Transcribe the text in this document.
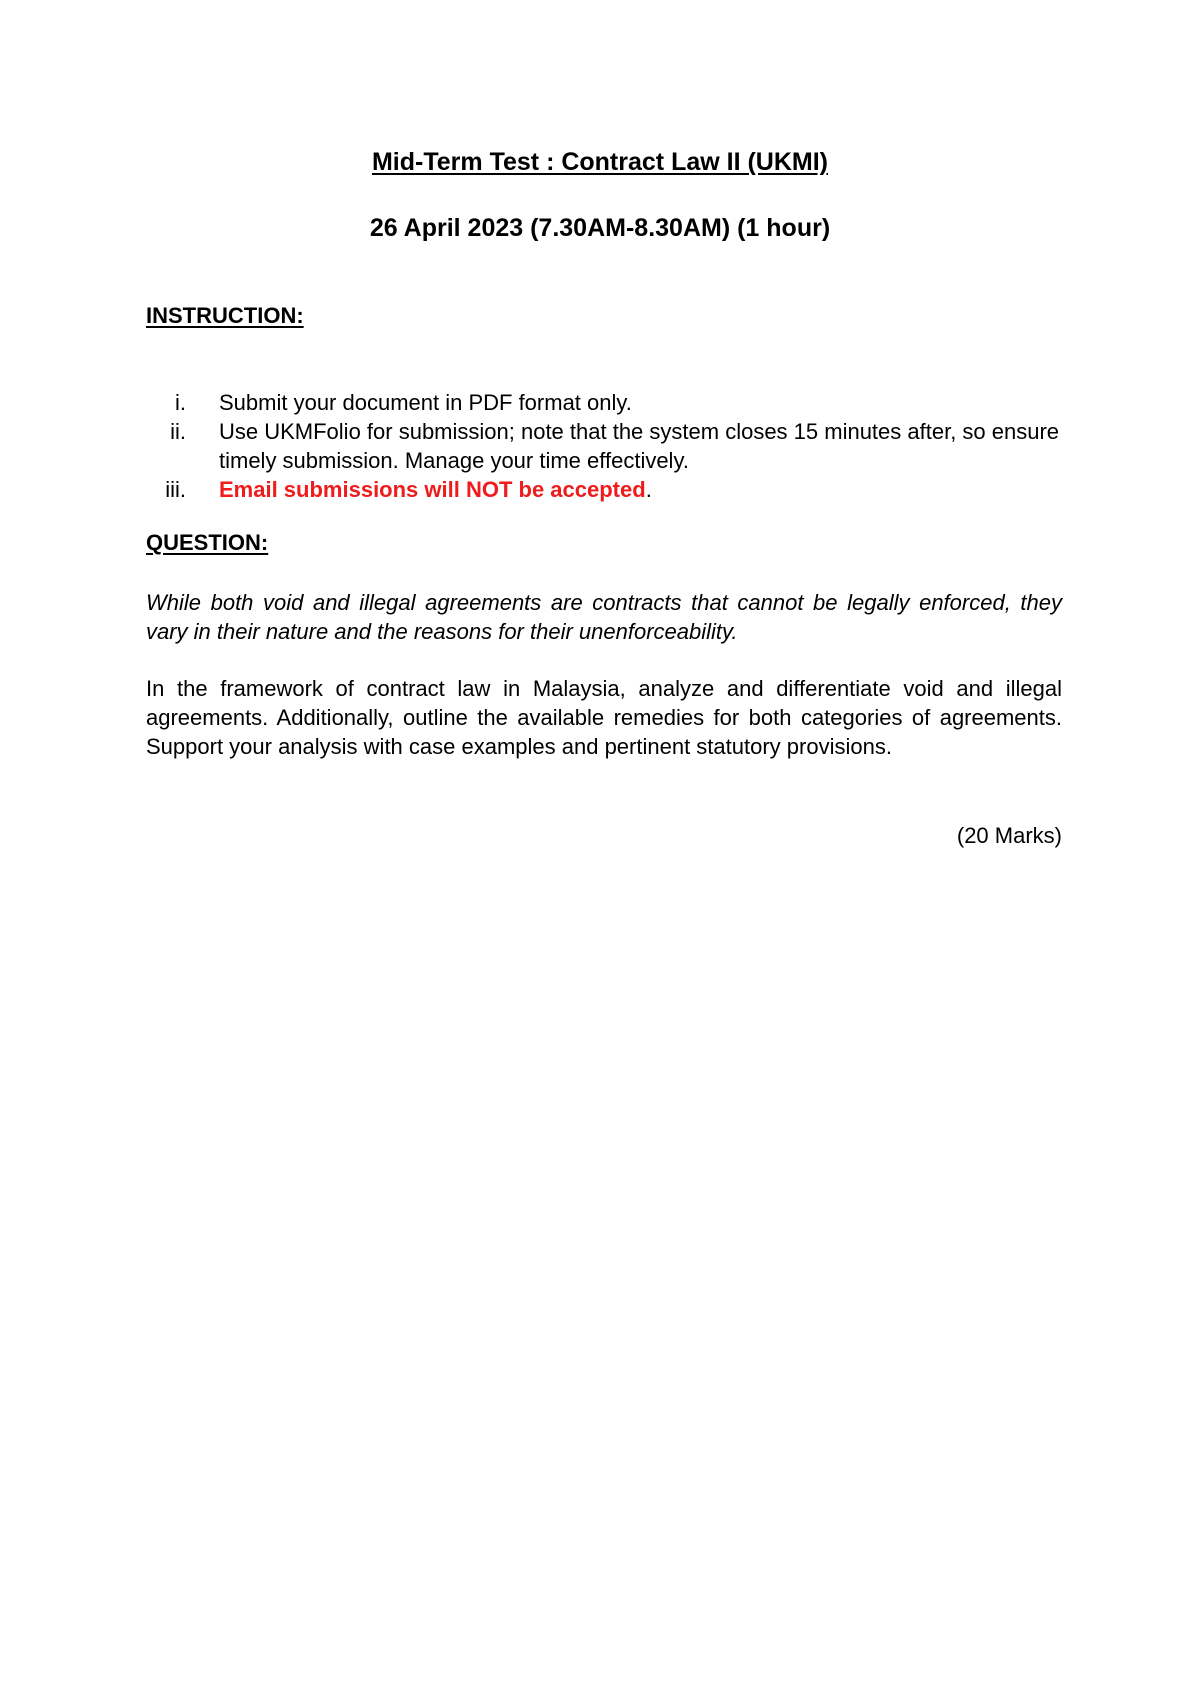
Mid-Term Test : Contract Law II (UKMI)
26 April 2023 (7.30AM-8.30AM) (1 hour)
INSTRUCTION:
i.	Submit your document in PDF format only.
ii.	Use UKMFolio for submission; note that the system closes 15 minutes after, so ensure timely submission. Manage your time effectively.
iii.	Email submissions will NOT be accepted.
QUESTION:

While both void and illegal agreements are contracts that cannot be legally enforced, they vary in their nature and the reasons for their unenforceability.

In the framework of contract law in Malaysia, analyze and differentiate void and illegal agreements. Additionally, outline the available remedies for both categories of agreements. Support your analysis with case examples and pertinent statutory provisions.

(20 Marks)
